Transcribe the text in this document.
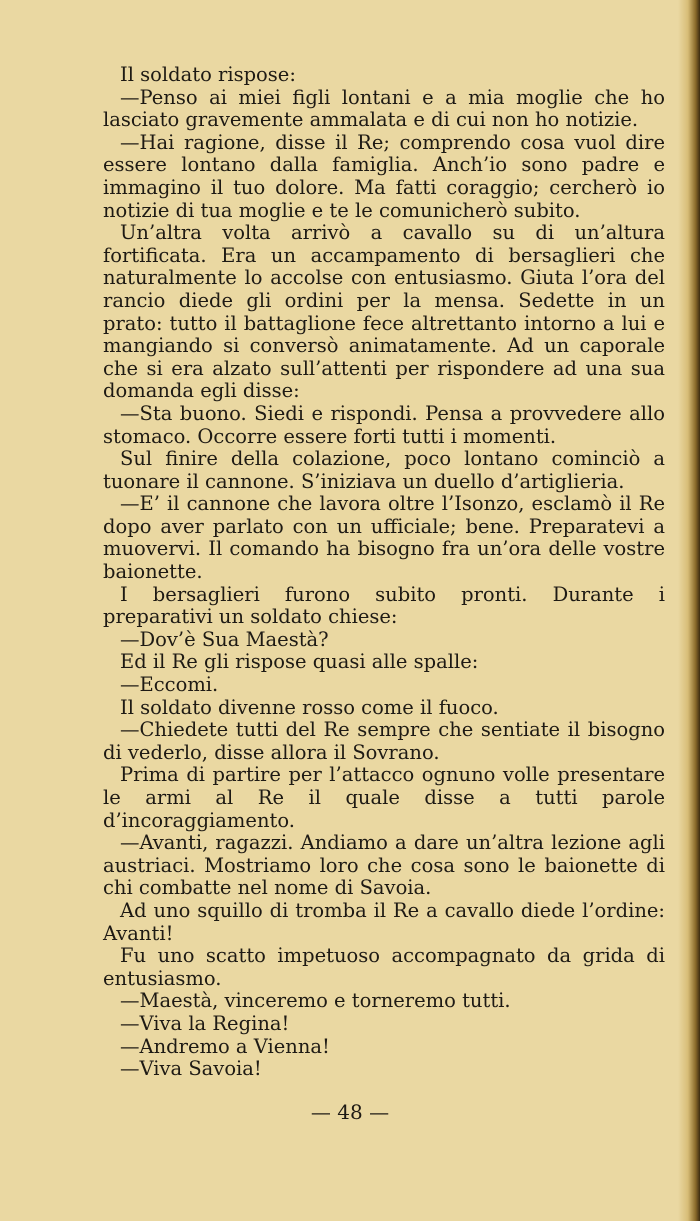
Il soldato rispose:

—Penso ai miei figli lontani e a mia moglie che ho lasciato gravemente ammalata e di cui non ho notizie.

—Hai ragione, disse il Re; comprendo cosa vuol dire essere lontano dalla famiglia. Anch’io sono padre e immagino il tuo dolore. Ma fatti coraggio; cercherò io notizie di tua moglie e te le comunicherò subito.

Un’altra volta arrivò a cavallo su di un’altura fortificata. Era un accampamento di bersaglieri che naturalmente lo accolse con entusiasmo. Giuta l’ora del rancio diede gli ordini per la mensa. Sedette in un prato: tutto il battaglione fece altrettanto intorno a lui e mangiando si conversò animatamente. Ad un caporale che si era alzato sull’attenti per rispondere ad una sua domanda egli disse:

—Sta buono. Siedi e rispondi. Pensa a provvedere allo stomaco. Occorre essere forti tutti i momenti.

Sul finire della colazione, poco lontano cominciò a tuonare il cannone. S’iniziava un duello d’artiglieria.

—E’ il cannone che lavora oltre l’Isonzo, esclamò il Re dopo aver parlato con un ufficiale; bene. Preparatevi a muovervi. Il comando ha bisogno fra un’ora delle vostre baionette.

I bersaglieri furono subito pronti. Durante i preparativi un soldato chiese:

—Dov’è Sua Maestà?

Ed il Re gli rispose quasi alle spalle:

—Eccomi.

Il soldato divenne rosso come il fuoco.

—Chiedete tutti del Re sempre che sentiate il bisogno di vederlo, disse allora il Sovrano.

Prima di partire per l’attacco ognuno volle presentare le armi al Re il quale disse a tutti parole d’incoraggiamento.

—Avanti, ragazzi. Andiamo a dare un’altra lezione agli austriaci. Mostriamo loro che cosa sono le baionette di chi combatte nel nome di Savoia.

Ad uno squillo di tromba il Re a cavallo diede l’ordine: Avanti!

Fu uno scatto impetuoso accompagnato da grida di entusiasmo.

—Maestà, vinceremo e torneremo tutti.

—Viva la Regina!

—Andremo a Vienna!

—Viva Savoia!

— 48 —
